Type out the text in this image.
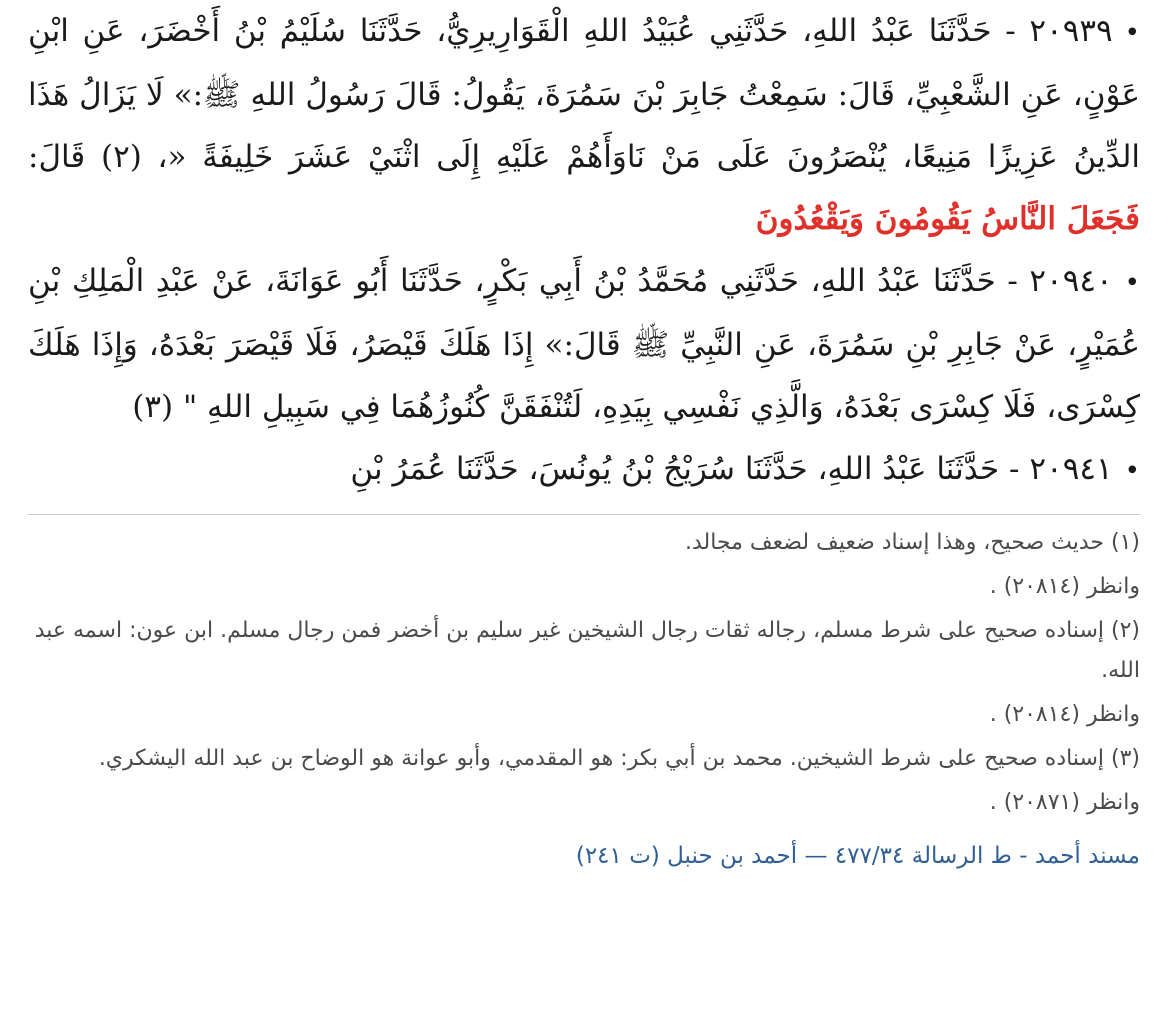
•٢٠٩٣٩ - حَدَّثَنَا عَبْدُ اللهِ، حَدَّثَنِي عُبَيْدُ اللهِ الْقَوَارِيرِيُّ، حَدَّثَنَا سُلَيْمُ بْنُ أَخْضَرَ، عَنِ ابْنِ عَوْنٍ، عَنِ الشَّعْبِيِّ، قَالَ: سَمِعْتُ جَابِرَ بْنَ سَمُرَةَ، يَقُولُ: قَالَ رَسُولُ اللهِ ﷺ:» لَا يَزَالُ هَذَا الدِّينُ عَزِيزًا مَنِيعًا، يُنْصَرُونَ عَلَى مَنْ نَاوَأَهُمْ عَلَيْهِ إِلَى اثْنَيْ عَشَرَ خَلِيفَةً «، (٢) قَالَ: فَجَعَلَ النَّاسُ يَقُومُونَ وَيَقْعُدُونَ

•٢٠٩٤٠ - حَدَّثَنَا عَبْدُ اللهِ، حَدَّثَنِي مُحَمَّدُ بْنُ أَبِي بَكْرٍ، حَدَّثَنَا أَبُو عَوَانَةَ، عَنْ عَبْدِ الْمَلِكِ بْنِ عُمَيْرٍ، عَنْ جَابِرِ بْنِ سَمُرَةَ، عَنِ النَّبِيِّ ﷺ قَالَ:» إِذَا هَلَكَ قَيْصَرُ، فَلَا قَيْصَرَ بَعْدَهُ، وَإِذَا هَلَكَ كِسْرَى، فَلَا كِسْرَى بَعْدَهُ، وَالَّذِي نَفْسِي بِيَدِهِ، لَتُنْفَقَنَّ كُنُوزُهُمَا فِي سَبِيلِ اللهِ " (٣)

•٢٠٩٤١ - حَدَّثَنَا عَبْدُ اللهِ، حَدَّثَنَا سُرَيْجُ بْنُ يُونُسَ، حَدَّثَنَا عُمَرُ بْنِ

(١) حديث صحيح، وهذا إسناد ضعيف لضعف مجالد.

وانظر (٢٠٨١٤) .

(٢) إسناده صحيح على شرط مسلم، رجاله ثقات رجال الشيخين غير سليم بن أخضر فمن رجال مسلم. ابن عون: اسمه عبد الله.

وانظر (٢٠٨١٤) .

(٣) إسناده صحيح على شرط الشيخين. محمد بن أبي بكر: هو المقدمي، وأبو عوانة هو الوضاح بن عبد الله اليشكري.

وانظر (٢٠٨٧١) .

مسند أحمد - ط الرسالة ٤٧٧/٣٤ — أحمد بن حنبل (ت ٢٤١)
